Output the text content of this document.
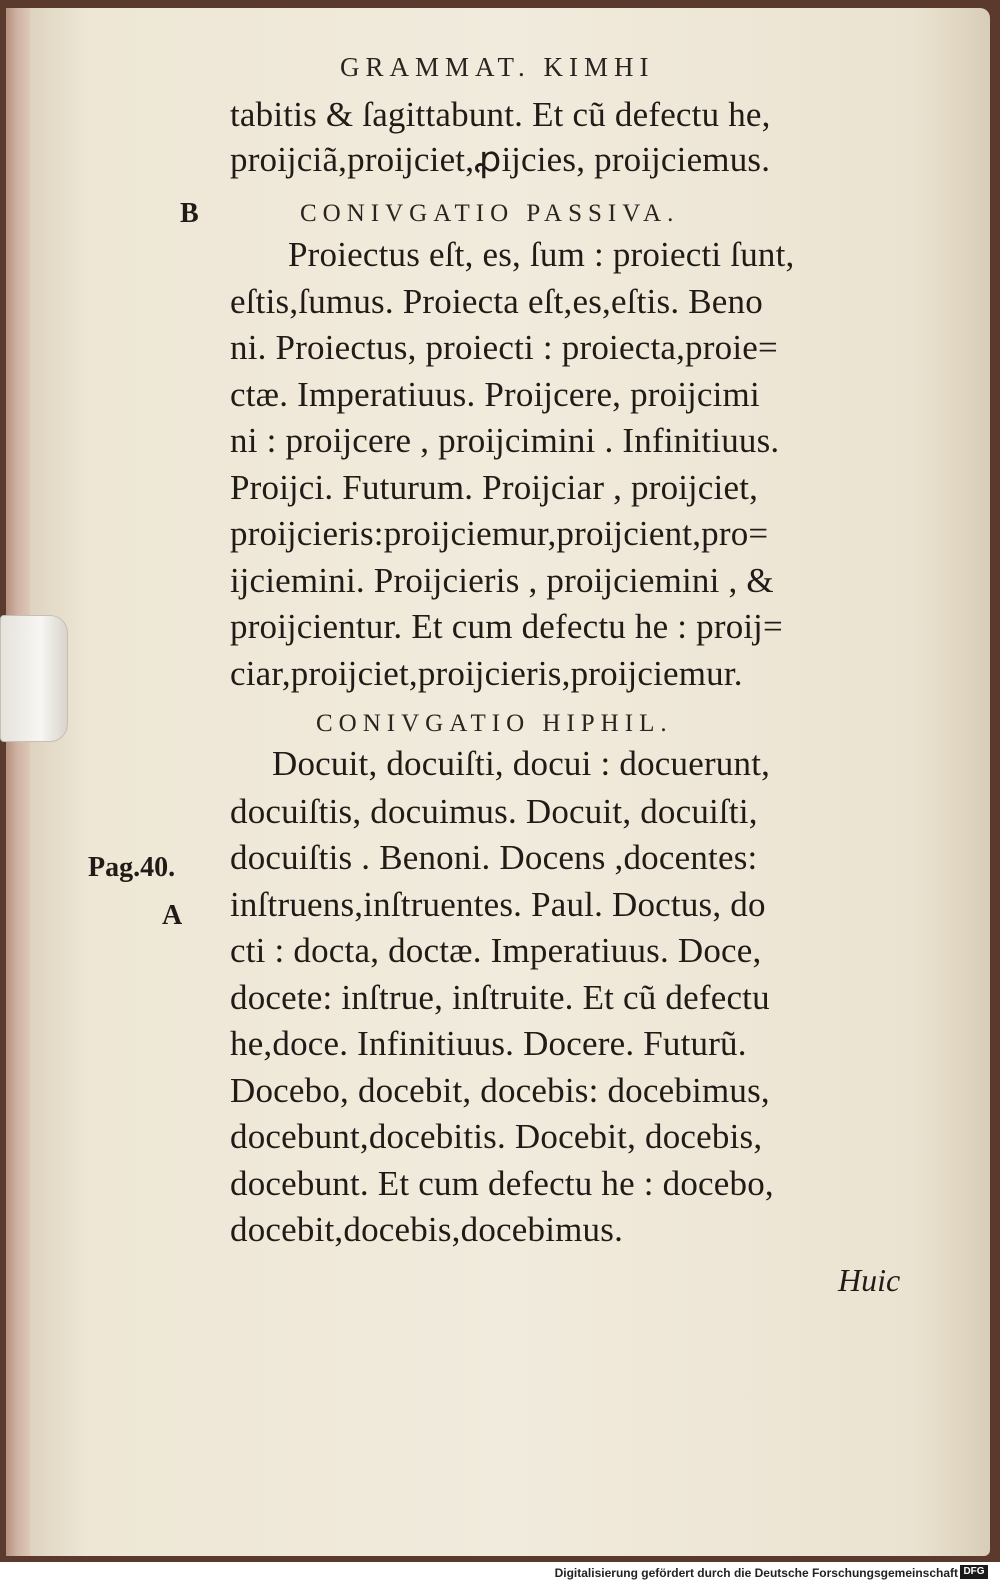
GRAMMAT. KIMHI
tabitis & ſagittabunt. Et cũ defectu he,
proĳciã,proĳciet,ꝓĳcies, proĳciemus.
B	CONIVGATIO PASSIVA.
Proiectus eſt, es, ſum : proiecti ſunt,
eſtis,ſumus. Proiecta eſt,es,eſtis. Beno
ni. Proiectus, proiecti : proiecta,proie=
ctæ. Imperatiuus. Proĳcere, proĳcimi
ni : proĳcere , proĳcimini . Infinitiuus.
Proĳci. Futurum. Proĳciar , proĳciet,
proĳcieris:proĳciemur,proĳcient,pro=
ĳciemini. Proĳcieris , proĳciemini , &
proĳcientur. Et cum defectu he : proĳ=
ciar,proĳciet,proĳcieris,proĳciemur.
CONIVGATIO HIPHIL.
Docuit, docuiſti, docui : docuerunt,
docuiſtis, docuimus. Docuit, docuiſti,
Pag.40. docuiſtis . Benoni. Docens ,docentes:
A inſtruens,inſtruentes. Paul. Doctus, do
cti : docta, doctæ. Imperatiuus. Doce,
docete: inſtrue, inſtruite. Et cũ defectu
he,doce. Infinitiuus. Docere. Futurũ.
Docebo, docebit, docebis: docebimus,
docebunt,docebitis. Docebit, docebis,
docebunt. Et cum defectu he : docebo,
docebit,docebis,docebimus.
Huic
Digitalisierung gefördert durch die Deutsche Forschungsgemeinschaft DFG
